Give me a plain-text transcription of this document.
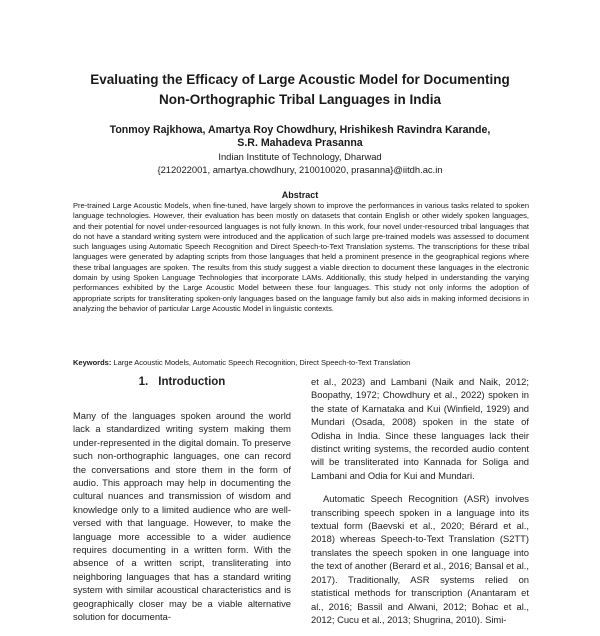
Evaluating the Efficacy of Large Acoustic Model for Documenting
Non-Orthographic Tribal Languages in India
Tonmoy Rajkhowa, Amartya Roy Chowdhury, Hrishikesh Ravindra Karande,
S.R. Mahadeva Prasanna
Indian Institute of Technology, Dharwad
{212022001, amartya.chowdhury, 210010020, prasanna}@iitdh.ac.in
Abstract

Pre-trained Large Acoustic Models, when fine-tuned, have largely shown to improve the performances in various tasks related to spoken language technologies. However, their evaluation has been mostly on datasets that contain English or other widely spoken languages, and their potential for novel under-resourced languages is not fully known. In this work, four novel under-resourced tribal languages that do not have a standard writing system were introduced and the application of such large pre-trained models was assessed to document such languages using Automatic Speech Recognition and Direct Speech-to-Text Translation systems. The transcriptions for these tribal languages were generated by adapting scripts from those languages that held a prominent presence in the geographical regions where these tribal languages are spoken. The results from this study suggest a viable direction to document these languages in the electronic domain by using Spoken Language Technologies that incorporate LAMs. Additionally, this study helped in understanding the varying performances exhibited by the Large Acoustic Model between these four languages. This study not only informs the adoption of appropriate scripts for transliterating spoken-only languages based on the language family but also aids in making informed decisions in analyzing the behavior of particular Large Acoustic Model in linguistic contexts.

Keywords: Large Acoustic Models, Automatic Speech Recognition, Direct Speech-to-Text Translation
1. Introduction

Many of the languages spoken around the world lack a standardized writing system making them under-represented in the digital domain. To preserve such non-orthographic languages, one can record the conversations and store them in the form of audio. This approach may help in documenting the cultural nuances and transmission of wisdom and knowledge only to a limited audience who are well-versed with that language. However, to make the language more accessible to a wider audience requires documenting in a written form. With the absence of a written script, transliterating into neighboring languages that has a standard writing system with similar acoustical characteristics and is geographically closer may be a viable alternative solution for documenta-

et al., 2023) and Lambani (Naik and Naik, 2012; Boopathy, 1972; Chowdhury et al., 2022) spoken in the state of Karnataka and Kui (Winfield, 1929) and Mundari (Osada, 2008) spoken in the state of Odisha in India. Since these languages lack their distinct writing systems, the recorded audio content will be transliterated into Kannada for Soliga and Lambani and Odia for Kui and Mundari.

Automatic Speech Recognition (ASR) involves transcribing speech spoken in a language into its textual form (Baevski et al., 2020; Bérard et al., 2018) whereas Speech-to-Text Translation (S2TT) translates the speech spoken in one language into the text of another (Berard et al., 2016; Bansal et al., 2017). Traditionally, ASR systems relied on statistical methods for transcription (Anantaram et al., 2016; Bassil and Alwani, 2012; Bohac et al., 2012; Cucu et al., 2013; Shugrina, 2010). Simi-
